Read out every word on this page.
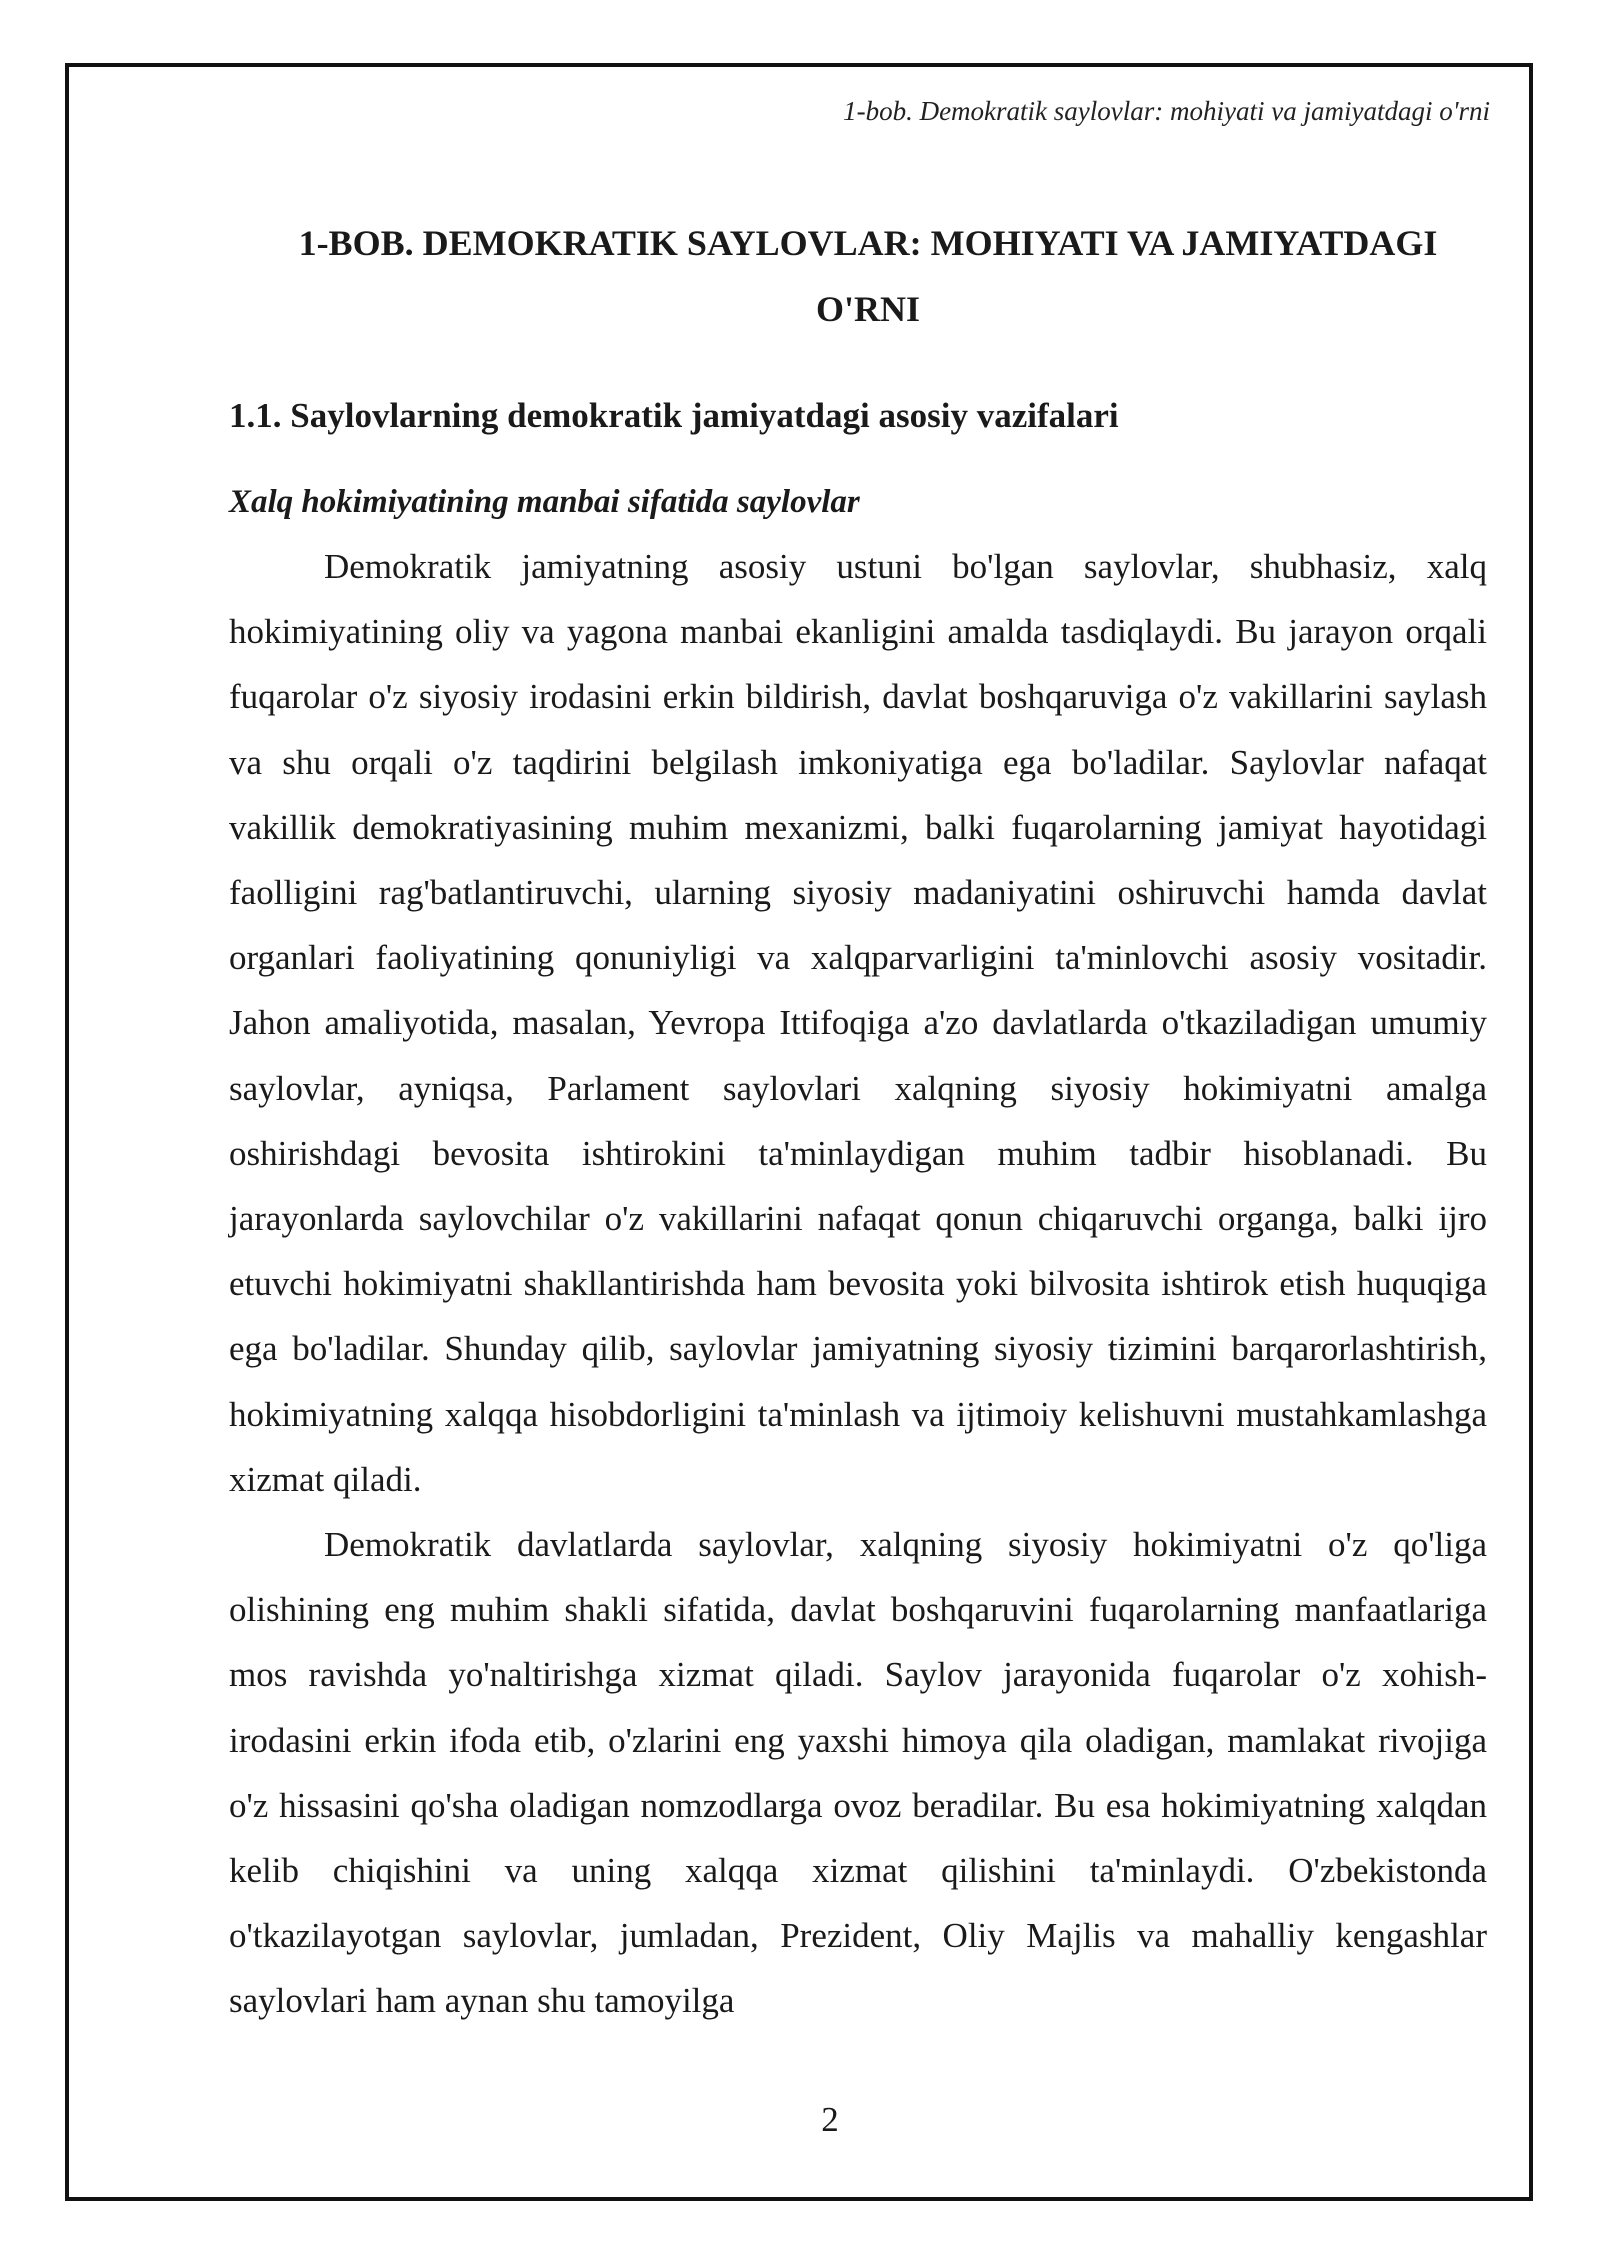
1-bob. Demokratik saylovlar: mohiyati va jamiyatdagi o'rni
1-BOB. DEMOKRATIK SAYLOVLAR: MOHIYATI VA JAMIYATDAGI O'RNI
1.1. Saylovlarning demokratik jamiyatdagi asosiy vazifalari
Xalq hokimiyatining manbai sifatida saylovlar

Demokratik jamiyatning asosiy ustuni bo'lgan saylovlar, shubhasiz, xalq hokimiyatining oliy va yagona manbai ekanligini amalda tasdiqlaydi. Bu jarayon orqali fuqarolar o'z siyosiy irodasini erkin bildirish, davlat boshqaruviga o'z vakillarini saylash va shu orqali o'z taqdirini belgilash imkoniyatiga ega bo'ladilar. Saylovlar nafaqat vakillik demokratiyasining muhim mexanizmi, balki fuqarolarning jamiyat hayotidagi faolligini rag'batlantiruvchi, ularning siyosiy madaniyatini oshiruvchi hamda davlat organlari faoliyatining qonuniyligi va xalqparvarligini ta'minlovchi asosiy vositadir. Jahon amaliyotida, masalan, Yevropa Ittifoqiga a'zo davlatlarda o'tkaziladigan umumiy saylovlar, ayniqsa, Parlament saylovlari xalqning siyosiy hokimiyatni amalga oshirishdagi bevosita ishtirokini ta'minlaydigan muhim tadbir hisoblanadi. Bu jarayonlarda saylovchilar o'z vakillarini nafaqat qonun chiqaruvchi organga, balki ijro etuvchi hokimiyatni shakllantirishda ham bevosita yoki bilvosita ishtirok etish huquqiga ega bo'ladilar. Shunday qilib, saylovlar jamiyatning siyosiy tizimini barqarorlashtirish, hokimiyatning xalqqa hisobdorligini ta'minlash va ijtimoiy kelishuvni mustahkamlashga xizmat qiladi.

Demokratik davlatlarda saylovlar, xalqning siyosiy hokimiyatni o'z qo'liga olishining eng muhim shakli sifatida, davlat boshqaruvini fuqarolarning manfaatlariga mos ravishda yo'naltirishga xizmat qiladi. Saylov jarayonida fuqarolar o'z xohish-irodasini erkin ifoda etib, o'zlarini eng yaxshi himoya qila oladigan, mamlakat rivojiga o'z hissasini qo'sha oladigan nomzodlarga ovoz beradilar. Bu esa hokimiyatning xalqdan kelib chiqishini va uning xalqqa xizmat qilishini ta'minlaydi. O'zbekistonda o'tkazilayotgan saylovlar, jumladan, Prezident, Oliy Majlis va mahalliy kengashlar saylovlari ham aynan shu tamoyilga

2
